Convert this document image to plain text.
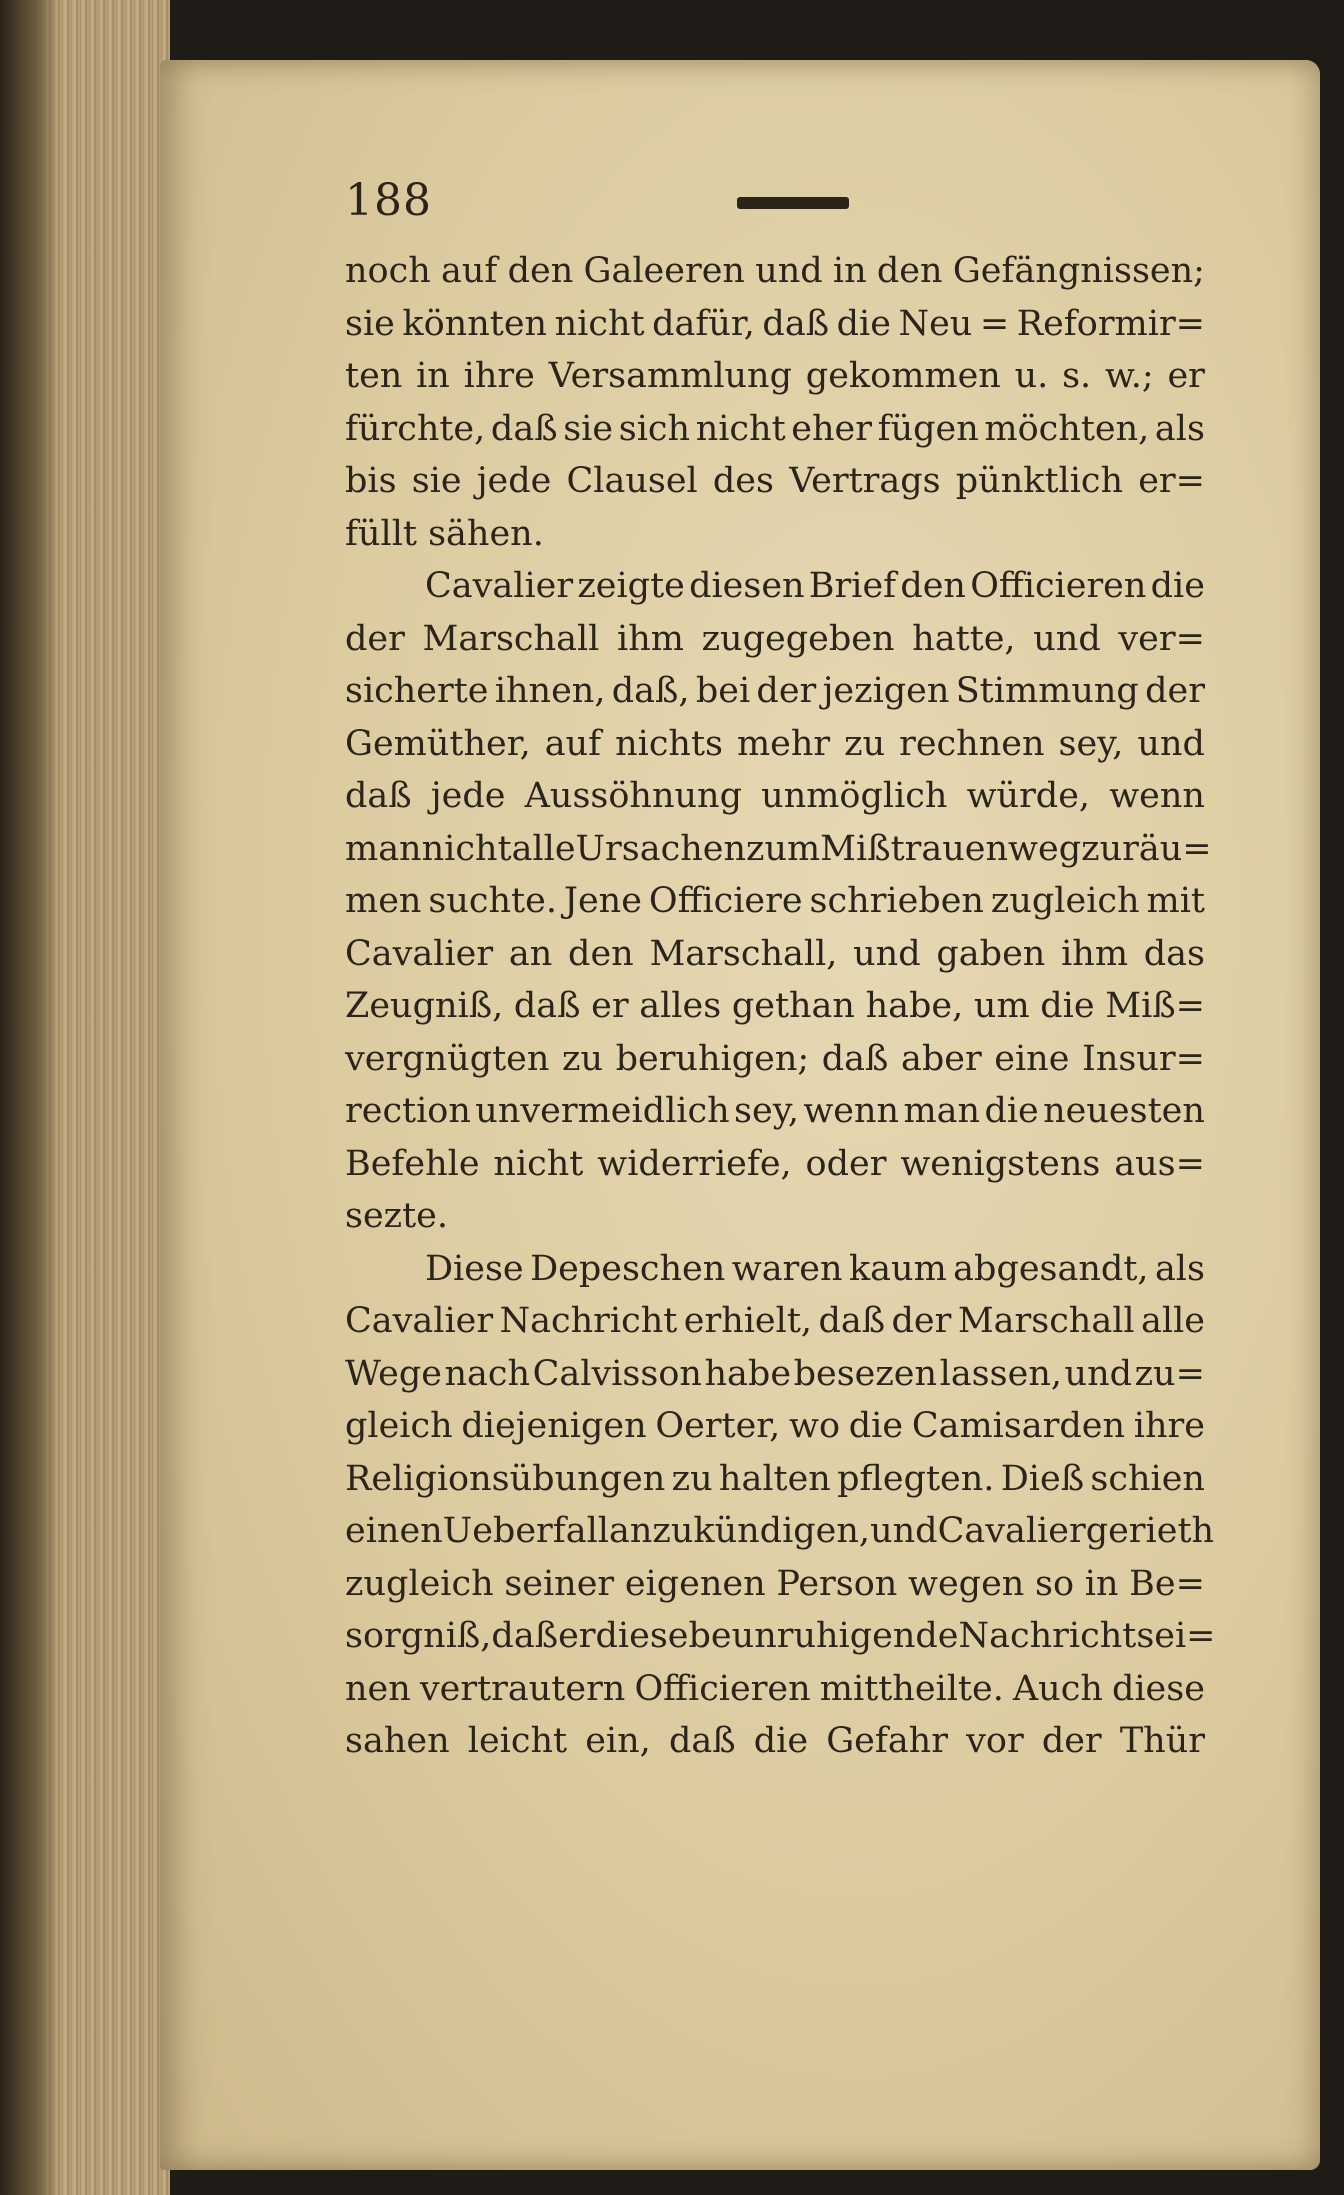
188
noch auf den Galeeren und in den Gefängnissen;
sie könnten nicht dafür, daß die Neu = Reformir=
ten in ihre Versammlung gekommen u. s. w.; er
fürchte, daß sie sich nicht eher fügen möchten, als
bis sie jede Clausel des Vertrags pünktlich er=
füllt sähen.
Cavalier zeigte diesen Brief den Officieren die
der Marschall ihm zugegeben hatte, und ver=
sicherte ihnen, daß, bei der jezigen Stimmung der
Gemüther, auf nichts mehr zu rechnen sey, und
daß jede Aussöhnung unmöglich würde, wenn
man nicht alle Ursachen zum Mißtrauen wegzuräu=
men suchte. Jene Officiere schrieben zugleich mit
Cavalier an den Marschall, und gaben ihm das
Zeugniß, daß er alles gethan habe, um die Miß=
vergnügten zu beruhigen; daß aber eine Insur=
rection unvermeidlich sey, wenn man die neuesten
Befehle nicht widerriefe, oder wenigstens aus=
sezte.
Diese Depeschen waren kaum abgesandt, als
Cavalier Nachricht erhielt, daß der Marschall alle
Wege nach Calvisson habe besezen lassen, und zu=
gleich diejenigen Oerter, wo die Camisarden ihre
Religionsübungen zu halten pflegten. Dieß schien
einen Ueberfall anzukündigen, und Cavalier gerieth
zugleich seiner eigenen Person wegen so in Be=
sorgniß, daß er diese beunruhigende Nachricht sei=
nen vertrautern Officieren mittheilte. Auch diese
sahen leicht ein, daß die Gefahr vor der Thür
